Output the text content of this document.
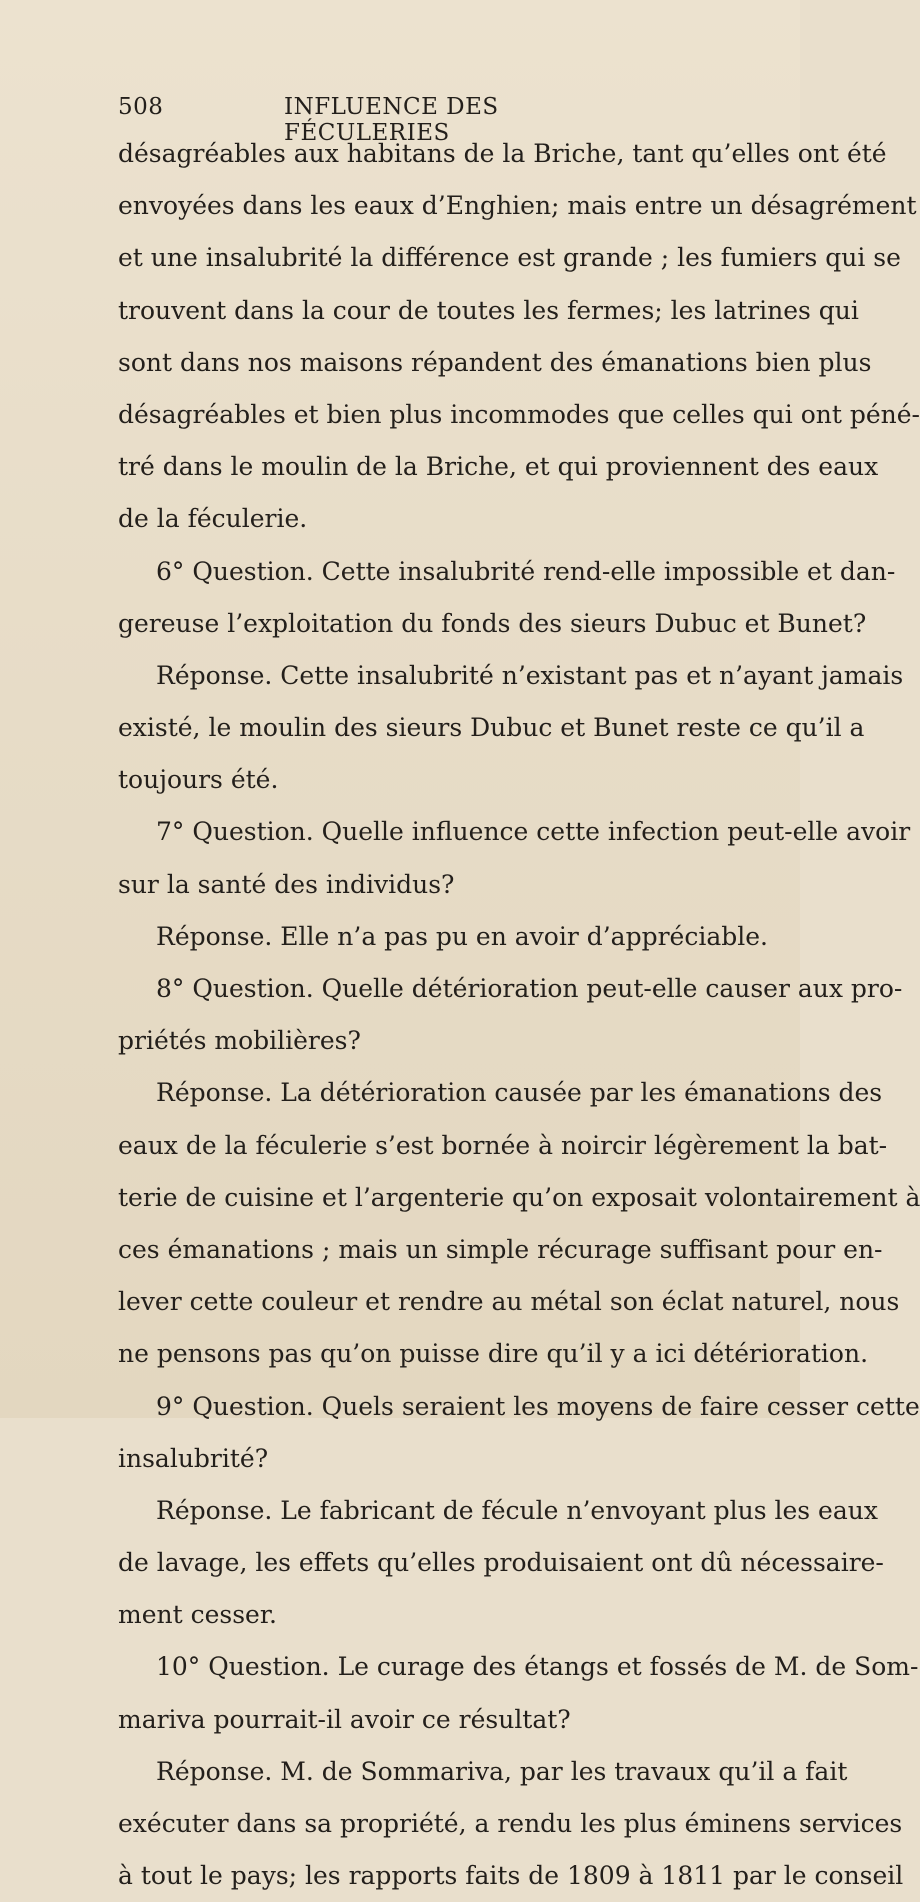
508	INFLUENCE DES FÉCULERIES
désagréables aux habitans de la Briche, tant qu’elles ont été
envoyées dans les eaux d’Enghien; mais entre un désagrément
et une insalubrité la différence est grande ; les fumiers qui se
trouvent dans la cour de toutes les fermes; les latrines qui
sont dans nos maisons répandent des émanations bien plus
désagréables et bien plus incommodes que celles qui ont péné-
tré dans le moulin de la Briche, et qui proviennent des eaux
de la féculerie.
6° Question. Cette insalubrité rend-elle impossible et dan-
gereuse l’exploitation du fonds des sieurs Dubuc et Bunet?
Réponse. Cette insalubrité n’existant pas et n’ayant jamais
existé, le moulin des sieurs Dubuc et Bunet reste ce qu’il a
toujours été.
7° Question. Quelle influence cette infection peut-elle avoir
sur la santé des individus?
Réponse. Elle n’a pas pu en avoir d’appréciable.
8° Question. Quelle détérioration peut-elle causer aux pro-
priétés mobilières?
Réponse. La détérioration causée par les émanations des
eaux de la féculerie s’est bornée à noircir légèrement la bat-
terie de cuisine et l’argenterie qu’on exposait volontairement à
ces émanations ; mais un simple récurage suffisant pour en-
lever cette couleur et rendre au métal son éclat naturel, nous
ne pensons pas qu’on puisse dire qu’il y a ici détérioration.
9° Question. Quels seraient les moyens de faire cesser cette
insalubrité?
Réponse. Le fabricant de fécule n’envoyant plus les eaux
de lavage, les effets qu’elles produisaient ont dû nécessaire-
ment cesser.
10° Question. Le curage des étangs et fossés de M. de Som-
mariva pourrait-il avoir ce résultat?
Réponse. M. de Sommariva, par les travaux qu’il a fait
exécuter dans sa propriété, a rendu les plus éminens services
à tout le pays; les rapports faits de 1809 à 1811 par le conseil
